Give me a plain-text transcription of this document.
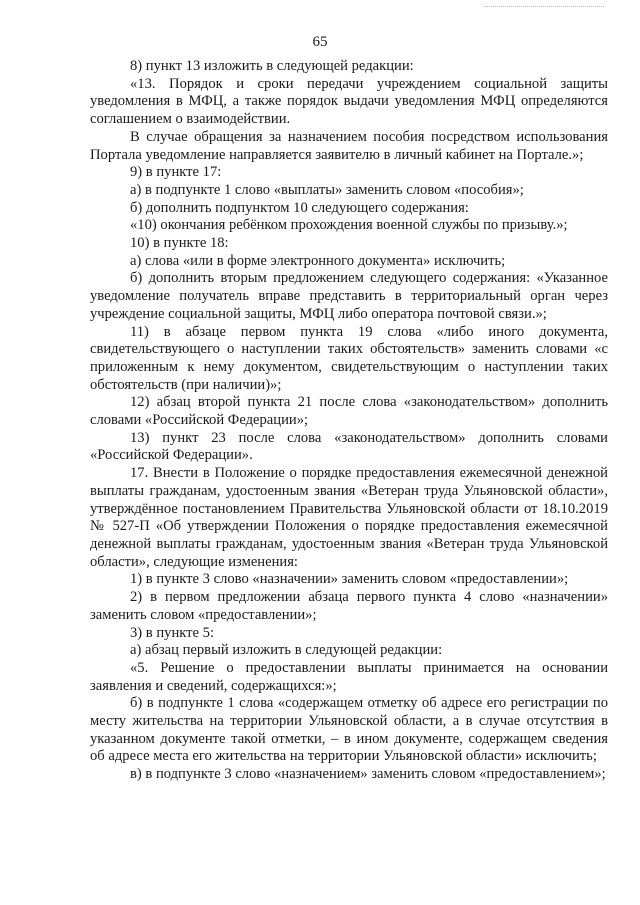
65

8) пункт 13 изложить в следующей редакции:

«13. Порядок и сроки передачи учреждением социальной защиты уведомления в МФЦ, а также порядок выдачи уведомления МФЦ определяются соглашением о взаимодействии.

В случае обращения за назначением пособия посредством использования Портала уведомление направляется заявителю в личный кабинет на Портале.»;

9) в пункте 17:

а) в подпункте 1 слово «выплаты» заменить словом «пособия»;

б) дополнить подпунктом 10 следующего содержания:

«10) окончания ребёнком прохождения военной службы по призыву.»;

10) в пункте 18:

а) слова «или в форме электронного документа» исключить;

б) дополнить вторым предложением следующего содержания: «Указанное уведомление получатель вправе представить в территориальный орган через учреждение социальной защиты, МФЦ либо оператора почтовой связи.»;

11) в абзаце первом пункта 19 слова «либо иного документа, свидетельствующего о наступлении таких обстоятельств» заменить словами «с приложенным к нему документом, свидетельствующим о наступлении таких обстоятельств (при наличии)»;

12) абзац второй пункта 21 после слова «законодательством» дополнить словами «Российской Федерации»;

13) пункт 23 после слова «законодательством» дополнить словами «Российской Федерации».

17. Внести в Положение о порядке предоставления ежемесячной денежной выплаты гражданам, удостоенным звания «Ветеран труда Ульяновской области», утверждённое постановлением Правительства Ульяновской области от 18.10.2019 № 527-П «Об утверждении Положения о порядке предоставления ежемесячной денежной выплаты гражданам, удостоенным звания «Ветеран труда Ульяновской области», следующие изменения:

1) в пункте 3 слово «назначении» заменить словом «предоставлении»;

2) в первом предложении абзаца первого пункта 4 слово «назначении» заменить словом «предоставлении»;

3) в пункте 5:

а) абзац первый изложить в следующей редакции:

«5. Решение о предоставлении выплаты принимается на основании заявления и сведений, содержащихся:»;

б) в подпункте 1 слова «содержащем отметку об адресе его регистрации по месту жительства на территории Ульяновской области, а в случае отсутствия в указанном документе такой отметки, – в ином документе, содержащем сведения об адресе места его жительства на территории Ульяновской области» исключить;

в) в подпункте 3 слово «назначением» заменить словом «предоставлением»;
